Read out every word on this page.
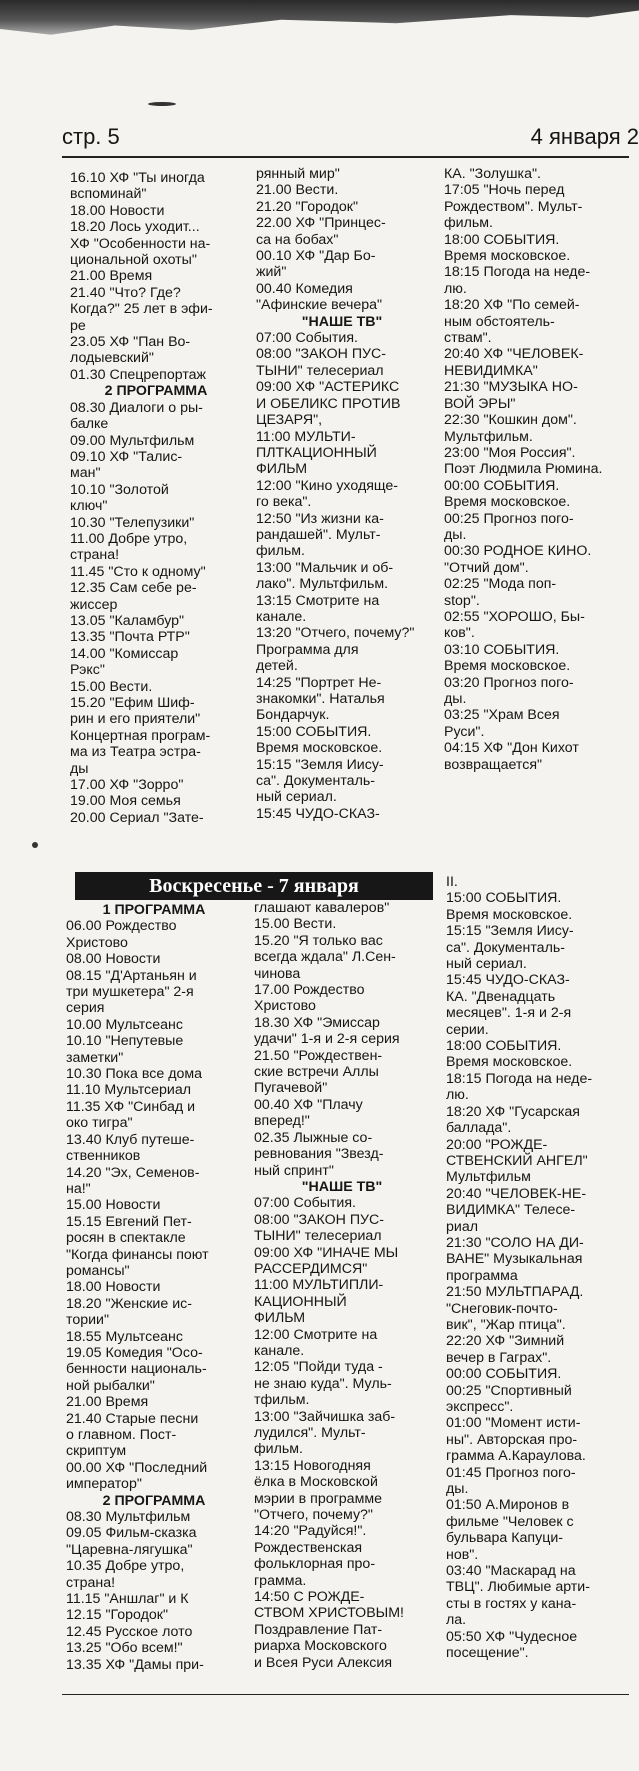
стр. 5	4 января 2
16.10 ХФ "Ты иногда
вспоминай"
18.00 Новости
18.20 Лось уходит...
ХФ "Особенности на-
циональной охоты"
21.00 Время
21.40 "Что? Где?
Когда?" 25 лет в эфи-
ре
23.05 ХФ "Пан Во-
лодыевский"
01.30 Спецрепортаж
2 ПРОГРАММА
08.30 Диалоги о ры-
балке
09.00 Мультфильм
09.10 ХФ "Талис-
ман"
10.10 "Золотой
ключ"
10.30 "Телепузики"
11.00 Добре утро,
страна!
11.45 "Сто к одному"
12.35 Сам себе ре-
жиссер
13.05 "Каламбур"
13.35 "Почта РТР"
14.00 "Комиссар
Рэкс"
15.00 Вести.
15.20 "Ефим Шиф-
рин и его приятели"
Концертная програм-
ма из Театра эстра-
ды
17.00 ХФ "Зорро"
19.00 Моя семья
20.00 Сериал "Зате-
рянный мир"
21.00 Вести.
21.20 "Городок"
22.00 ХФ "Принцес-
са на бобах"
00.10 ХФ "Дар Бо-
жий"
00.40 Комедия
"Афинские вечера"
"НАШЕ ТВ"
07:00 События.
08:00 "ЗАКОН ПУС-
ТЫНИ" телесериал
09:00 ХФ "АСТЕРИКС
И ОБЕЛИКС ПРОТИВ
ЦЕЗАРЯ",
11:00 МУЛЬТИ-
ПЛТКАЦИОННЫЙ
ФИЛЬМ
12:00 "Кино уходяще-
го века".
12:50 "Из жизни ка-
рандашей". Мульт-
фильм.
13:00 "Мальчик и об-
лако". Мультфильм.
13:15 Смотрите на
канале.
13:20 "Отчего, почему?" Программа для
детей.
14:25 "Портрет Не-
знакомки". Наталья
Бондарчук.
15:00 СОБЫТИЯ.
Время московское.
15:15 "Земля Иису-
са". Документаль-
ный сериал.
15:45 ЧУДО-СКАЗ-
КА. "Золушка".
17:05 "Ночь перед
Рождеством". Мульт-
фильм.
18:00 СОБЫТИЯ.
Время московское.
18:15 Погода на неде-
лю.
18:20 ХФ "По семей-
ным обстоятель-
ствам".
20:40 ХФ "ЧЕЛОВЕК-
НЕВИДИМКА"
21:30 "МУЗЫКА НО-
ВОЙ ЭРЫ"
22:30 "Кошкин дом".
Мультфильм.
23:00 "Моя Россия".
Поэт Людмила Рюмина.
00:00 СОБЫТИЯ.
Время московское.
00:25 Прогноз пого-
ды.
00:30 РОДНОЕ КИНО.
"Отчий дом".
02:25 "Мода поп-
stop".
02:55 "ХОРОШО, Бы-
ков".
03:10 СОБЫТИЯ.
Время московское.
03:20 Прогноз пого-
ды.
03:25 "Храм Всея
Руси".
04:15 ХФ "Дон Кихот
возвращается"
Воскресенье - 7 января
1 ПРОГРАММА
06.00 Рождество
Христово
08.00 Новости
08.15 "Д'Артаньян и
три мушкетера" 2-я
серия
10.00 Мультсеанс
10.10 "Непутевые
заметки"
10.30 Пока все дома
11.10 Мультсериал
11.35 ХФ "Синбад и
око тигра"
13.40 Клуб путеше-
ственников
14.20 "Эх, Семенов-
на!"
15.00 Новости
15.15 Евгений Пет-
росян в спектакле
"Когда финансы поют
романсы"
18.00 Новости
18.20 "Женские ис-
тории"
18.55 Мультсеанс
19.05 Комедия "Осо-
бенности националь-
ной рыбалки"
21.00 Время
21.40 Старые песни
о главном. Пост-
скриптум
00.00 ХФ "Последний
император"
2 ПРОГРАММА
08.30 Мультфильм
09.05 Фильм-сказка
"Царевна-лягушка"
10.35 Добре утро,
страна!
11.15 "Аншлаг" и К
12.15 "Городок"
12.45 Русское лото
13.25 "Обо всем!"
13.35 ХФ "Дамы при-
глашают кавалеров"
15.00 Вести.
15.20 "Я только вас
всегда ждала" Л.Сен-
чинова
17.00 Рождество
Христово
18.30 ХФ "Эмиссар
удачи" 1-я и 2-я серия
21.50 "Рождествен-
ские встречи Аллы
Пугачевой"
00.40 ХФ "Плачу
вперед!"
02.35 Лыжные со-
ревнования "Звезд-
ный спринт"
"НАШЕ ТВ"
07:00 События.
08:00 "ЗАКОН ПУС-
ТЫНИ" телесериал
09:00 ХФ "ИНАЧЕ МЫ
РАССЕРДИМСЯ"
11:00 МУЛЬТИПЛИ-
КАЦИОННЫЙ
ФИЛЬМ
12:00 Смотрите на
канале.
12:05 "Пойди туда -
не знаю куда". Муль-
тфильм.
13:00 "Зайчишка заб-
лудился". Мульт-
фильм.
13:15 Новогодняя
ёлка в Московской
мэрии в программе
"Отчего, почему?"
14:20 "Радуйся!".
Рождественская
фольклорная про-
грамма.
14:50 С РОЖДЕ-
СТВОМ ХРИСТОВЫМ!
Поздравление Пат-
риарха Московского
и Всея Руси Алексия
II.
15:00 СОБЫТИЯ.
Время московское.
15:15 "Земля Иису-
са". Документаль-
ный сериал.
15:45 ЧУДО-СКАЗ-
КА. "Двенадцать
месяцев". 1-я и 2-я
серии.
18:00 СОБЫТИЯ.
Время московское.
18:15 Погода на неде-
лю.
18:20 ХФ "Гусарская
баллада".
20:00 "РОЖДЕ-
СТВЕНСКИЙ АНГЕЛ"
Мультфильм
20:40 "ЧЕЛОВЕК-НЕ-
ВИДИМКА" Телесе-
риал
21:30 "СОЛО НА ДИ-
ВАНЕ" Музыкальная
программа
21:50 МУЛЬТПАРАД.
"Снеговик-почто-
вик", "Жар птица".
22:20 ХФ "Зимний
вечер в Гаграх".
00:00 СОБЫТИЯ.
00:25 "Спортивный
экспресс".
01:00 "Момент исти-
ны". Авторская про-
грамма А.Караулова.
01:45 Прогноз пого-
ды.
01:50 А.Миронов в
фильме "Человек с
бульвара Капуци-
нов".
03:40 "Маскарад на
ТВЦ". Любимые арти-
сты в гостях у кана-
ла.
05:50 ХФ "Чудесное
посещение".
